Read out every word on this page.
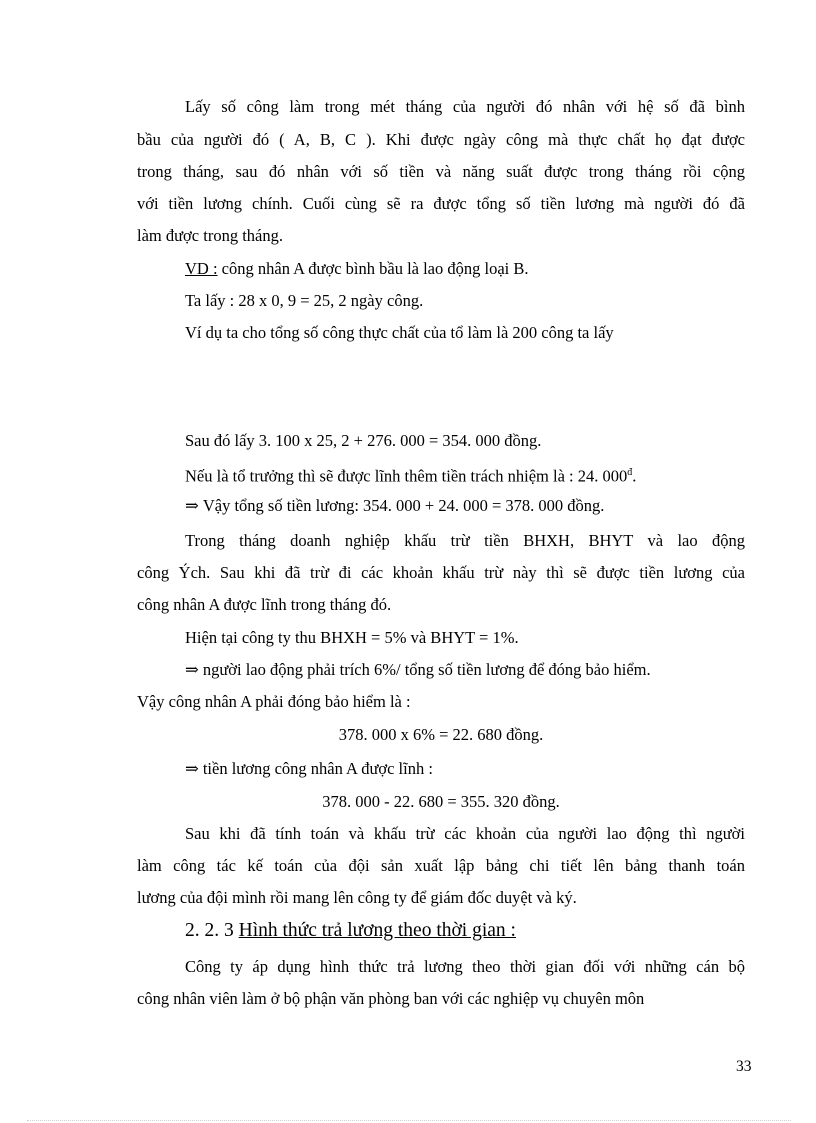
Lấy số công làm trong mét tháng của người đó nhân với hệ số đã bình
bầu của người đó ( A, B, C ). Khi được ngày công mà thực chất họ đạt được
trong tháng, sau đó nhân với số tiền và năng suất được trong tháng rồi cộng
với tiền lương chính. Cuối cùng sẽ ra được tổng số tiền lương mà người đó đã
làm được trong tháng.
VD : công nhân A được bình bầu là lao động loại B.
Ta lấy : 28 x 0, 9 = 25, 2 ngày công.
Ví dụ ta cho tổng số công thực chất của tổ làm là 200 công ta lấy
Sau đó lấy 3. 100 x 25, 2 + 276. 000 = 354. 000 đồng.
Nếu là tổ trưởng thì sẽ được lĩnh thêm tiền trách nhiệm là : 24. $000^đ$.
⇒ Vậy tổng số tiền lương: 354. 000 + 24. 000 = 378. 000 đồng.
Trong tháng doanh nghiệp khấu trừ tiền BHXH, BHYT và lao động
công Ých. Sau khi đã trừ đi các khoản khấu trừ này thì sẽ được tiền lương của
công nhân A được lĩnh trong tháng đó.
Hiện tại công ty thu BHXH = 5% và BHYT = 1%.
⇒ người lao động phải trích 6%/ tổng số tiền lương để đóng bảo hiểm.
Vậy công nhân A phải đóng bảo hiểm là :
378. 000 x 6% = 22. 680 đồng.
⇒ tiền lương công nhân A được lĩnh :
378. 000 - 22. 680 = 355. 320 đồng.
Sau khi đã tính toán và khấu trừ các khoản của người lao động thì người
làm công tác kế toán của đội sản xuất lập bảng chi tiết lên bảng thanh toán
lương của đội mình rồi mang lên công ty để giám đốc duyệt và ký.
2. 2. 3 Hình thức trả lương theo thời gian :
Công ty áp dụng hình thức trả lương theo thời gian đối với những cán bộ
công nhân viên làm ở bộ phận văn phòng ban với các nghiệp vụ chuyên môn
33
